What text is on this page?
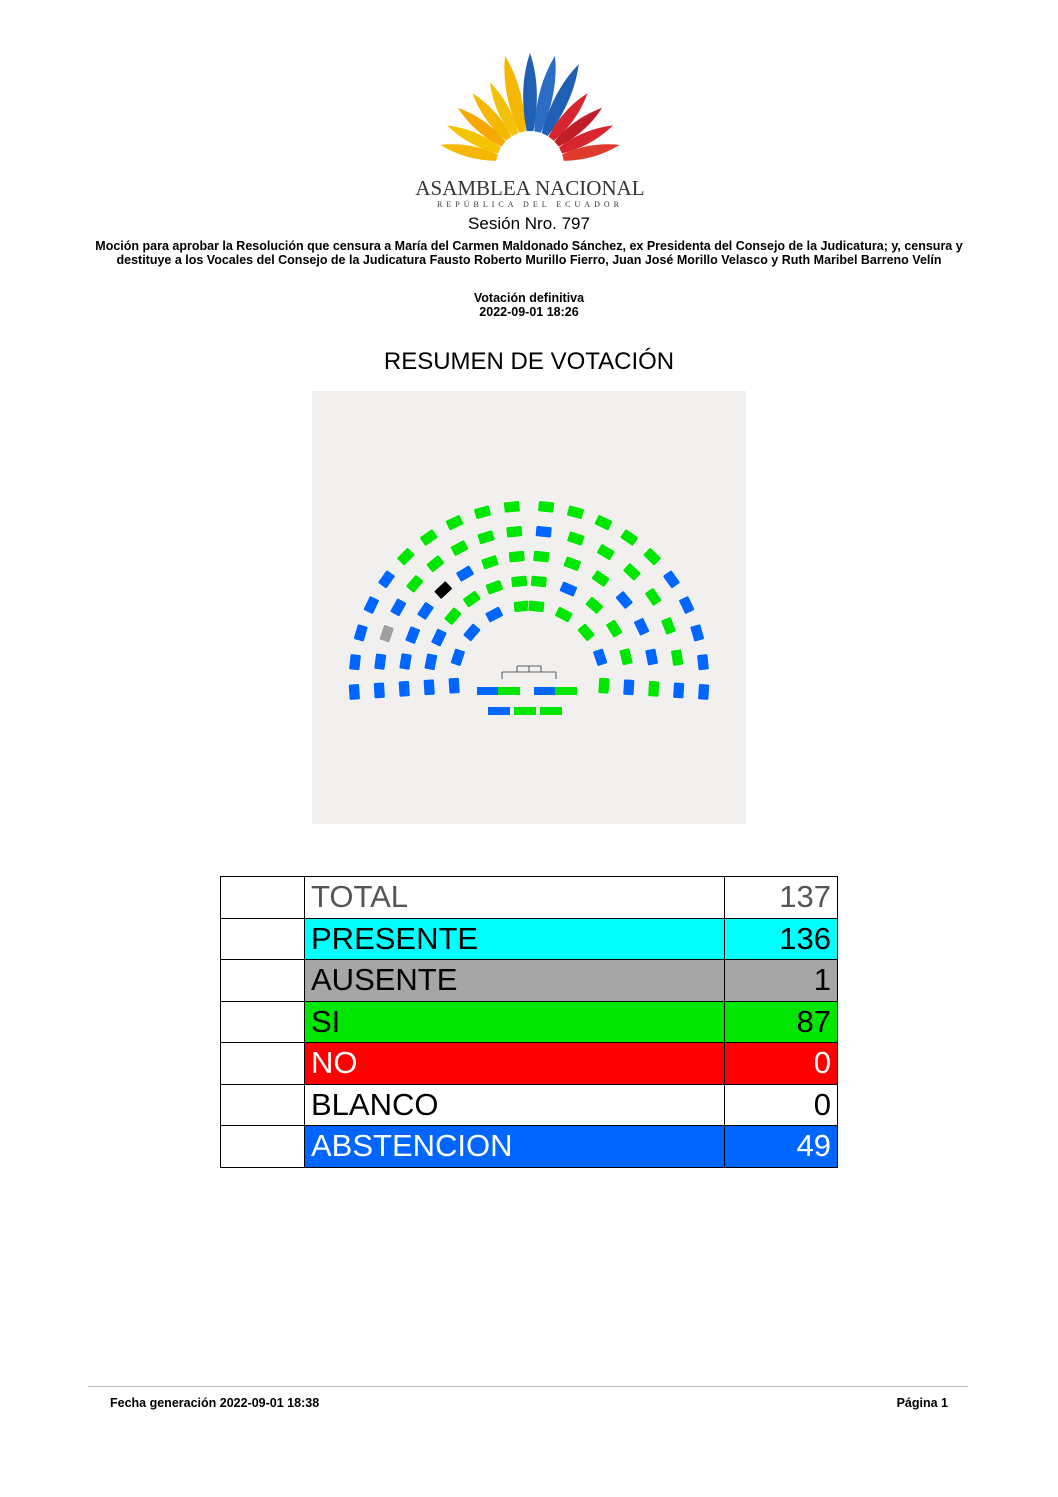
ASAMBLEA NACIONAL
REPÚBLICA DEL ECUADOR
Sesión Nro. 797
Moción para aprobar la Resolución que censura a María del Carmen Maldonado Sánchez, ex Presidenta del Consejo de la Judicatura; y, censura y destituye a los Vocales del Consejo de la Judicatura Fausto Roberto Murillo Fierro, Juan José Morillo Velasco y Ruth Maribel Barreno Velín
Votación definitiva
2022-09-01 18:26
RESUMEN DE VOTACIÓN
	TOTAL	137
	PRESENTE	136
	AUSENTE	1
	SI	87
	NO	0
	BLANCO	0
	ABSTENCION	49
Fecha generación 2022-09-01 18:38	Página 1
